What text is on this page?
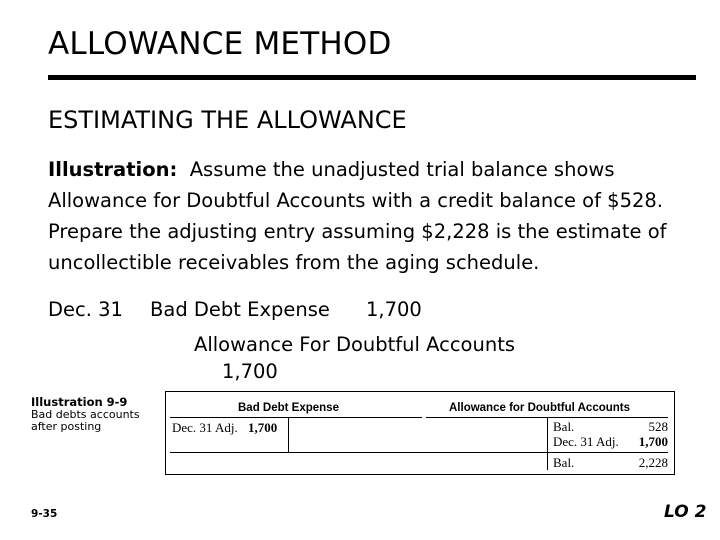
ALLOWANCE METHOD
ESTIMATING THE ALLOWANCE
Illustration: Assume the unadjusted trial balance shows Allowance for Doubtful Accounts with a credit balance of $528. Prepare the adjusting entry assuming $2,228 is the estimate of uncollectible receivables from the aging schedule.
Dec. 31 Bad Debt Expense 1,700
Allowance For Doubtful Accounts
1,700
Illustration 9-9
Bad debts accounts
after posting
Bad Debt Expense
Dec. 31 Adj. 1,700
Allowance for Doubtful Accounts
Bal.	528
Dec. 31 Adj.	1,700
Bal.	2,228
9-35	LO 2
